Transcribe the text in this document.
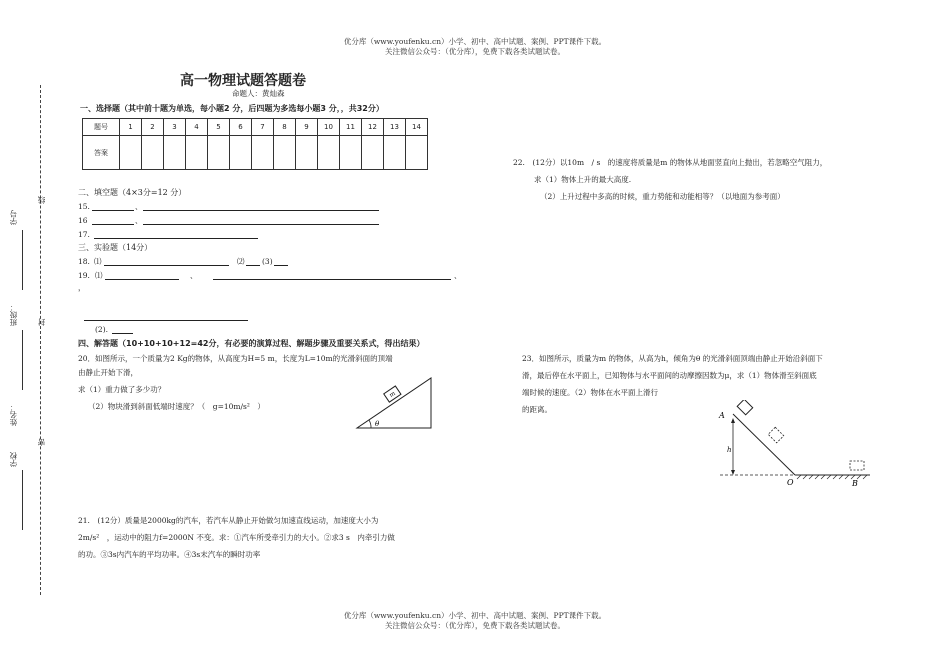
优分库（www.youfenku.cn）小学、初中、高中试题、案例、PPT课件下载。
关注微信公众号：（优分库），免费下载各类试题试卷。
学号
线
班级：	封
姓名：
密
学校
高一物理试题答题卷
命题人：黄灿森
一、选择题（其中前十题为单选，每小题2 分，后四题为多选每小题3 分，，共32分）
题号	1	2	3	4	5	6	7	8	9	10	11	12	13	14
答案														
二、填空题（4×3分=12 分）
15.	、
16	、
17.
三、实验题（14分）
18. ⑴	⑵ (3)
19. ⑴	、	、
，
(2).
四、解答题（10+10+10+12=42分，有必要的演算过程、解题步骤及重要关系式，得出结果）
20．如图所示，一个质量为2 Kg的物体，从高度为H=5 m，长度为L=10m的光滑斜面的顶端
由静止开始下滑，
求（1）重力做了多少功？
（2）物块滑到斜面低端时速度？（　g=10m/s²　）
m
θ
21.　(12分）质量是2000kg的汽车，若汽车从静止开始做匀加速直线运动，加速度大小为
2m/s²　，运动中的阻力f=2000N 不变。求：①汽车所受牵引力的大小。②求3 s　内牵引力做
的功。③3s内汽车的平均功率。④3s末汽车的瞬时功率
22.　(12分）以10m　/ s　的速度将质量是m 的物体从地面竖直向上抛出，若忽略空气阻力，
求（1）物体上升的最大高度.
（2）上升过程中多高的时候，重力势能和动能相等？（以地面为参考面）
23．如图所示，质量为m 的物体，从高为h，倾角为θ 的光滑斜面顶端由静止开始沿斜面下
滑，最后停在水平面上，已知物体与水平面间的动摩擦因数为μ，求（1）物体滑至斜面底
端时候的速度。（2）物体在水平面上滑行
的距离。
A
h
O	B
优分库（www.youfenku.cn）小学、初中、高中试题、案例、PPT课件下载。
关注微信公众号：（优分库），免费下载各类试题试卷。
